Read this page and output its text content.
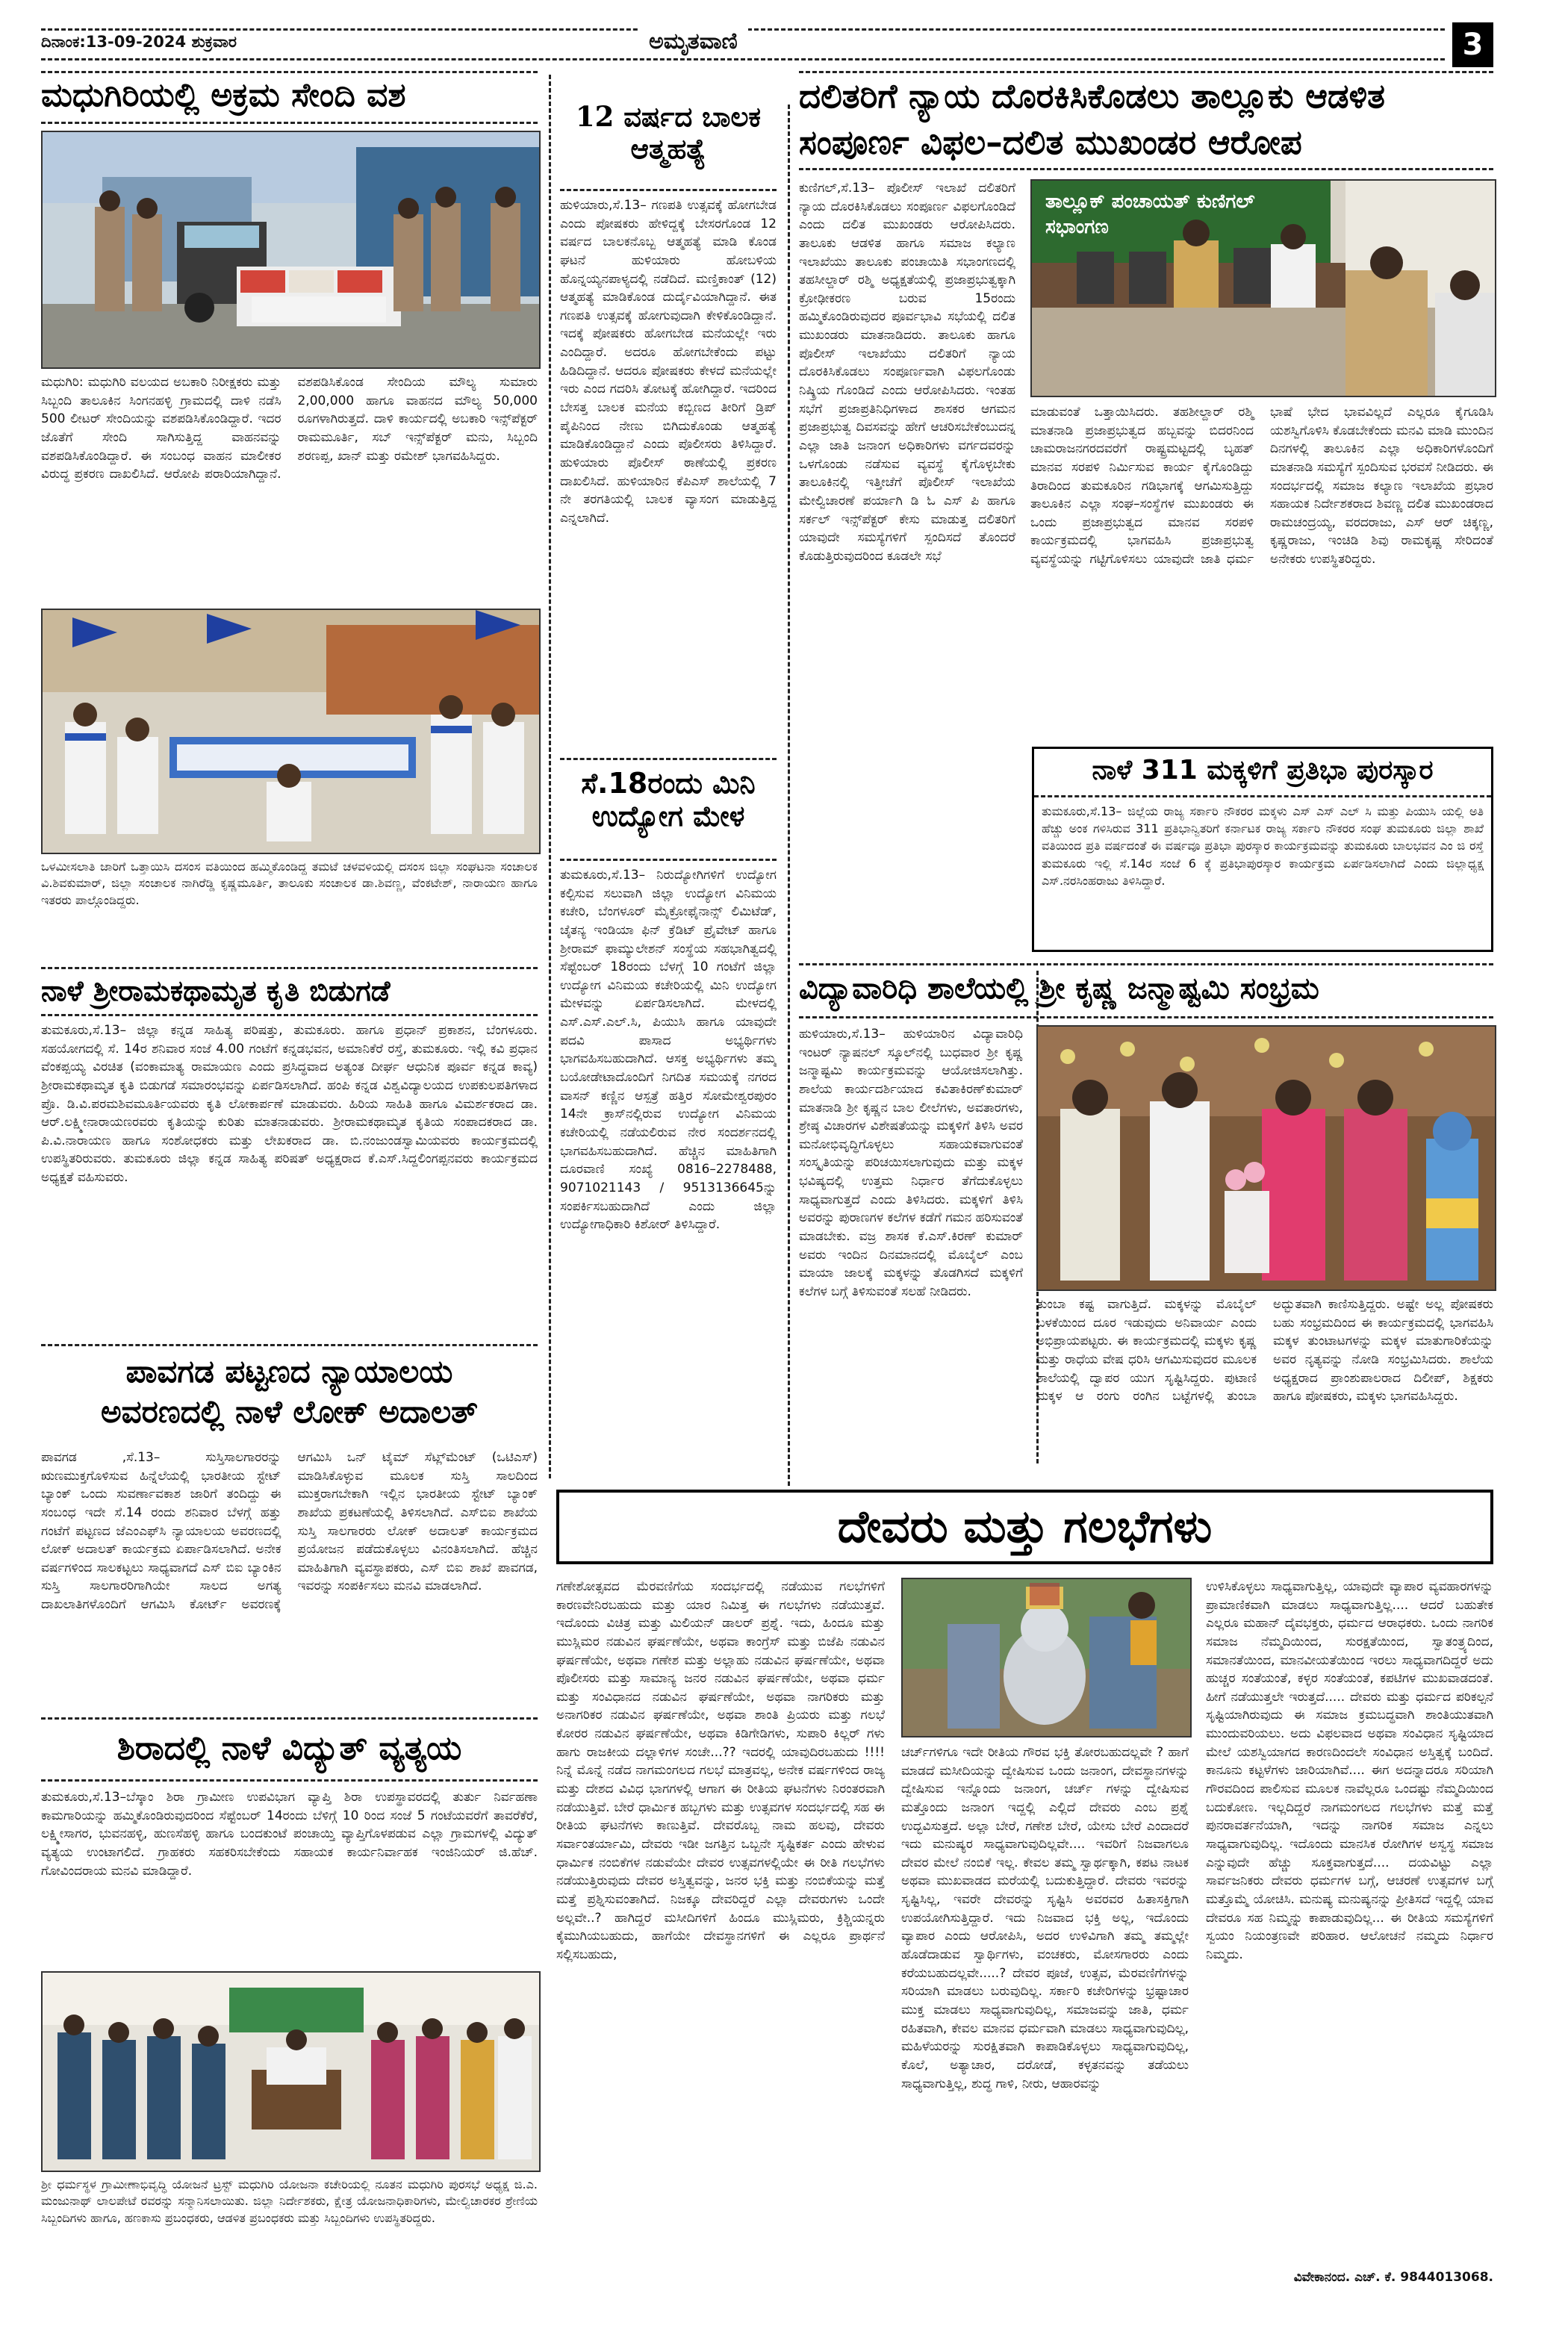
ದಿನಾಂಕ:13-09-2024 ಶುಕ್ರವಾರ	ಅಮೃತವಾಣಿ	3
ಮಧುಗಿರಿಯಲ್ಲಿ ಅಕ್ರಮ ಸೇಂದಿ ವಶ
ಮಧುಗಿರಿ: ಮಧುಗಿರಿ ವಲಯದ ಅಬಕಾರಿ ನಿರೀಕ್ಷಕರು ಮತ್ತು ಸಿಬ್ಬಂದಿ ತಾಲೂಕಿನ ಸಿಂಗನಹಳ್ಳಿ ಗ್ರಾಮದಲ್ಲಿ ದಾಳಿ ನಡೆಸಿ 500 ಲೀಟರ್ ಸೇಂದಿಯನ್ನು ವಶಪಡಿಸಿಕೊಂಡಿದ್ದಾರೆ. ಇದರ ಜೊತೆಗೆ ಸೇಂದಿ ಸಾಗಿಸುತ್ತಿದ್ದ ವಾಹನವನ್ನು ವಶಪಡಿಸಿಕೊಂಡಿದ್ದಾರೆ. ಈ ಸಂಬಂಧ ವಾಹನ ಮಾಲೀಕರ ವಿರುದ್ಧ ಪ್ರಕರಣ ದಾಖಲಿಸಿದೆ. ಆರೋಪಿ ಪರಾರಿಯಾಗಿದ್ದಾನೆ. ವಶಪಡಿಸಿಕೊಂಡ ಸೇಂದಿಯ ಮೌಲ್ಯ ಸುಮಾರು 2,00,000 ಹಾಗೂ ವಾಹನದ ಮೌಲ್ಯ 50,000 ರೂಗಳಾಗಿರುತ್ತದೆ. ದಾಳಿ ಕಾರ್ಯದಲ್ಲಿ ಅಬಕಾರಿ ಇನ್ಸ್‌ಪೆಕ್ಟರ್ ರಾಮಮೂರ್ತಿ, ಸಬ್ ಇನ್ಸ್‌ಪೆಕ್ಟರ್ ಮನು, ಸಿಬ್ಬಂದಿ ಶರಣಪ್ಪ, ಖಾನ್ ಮತ್ತು ರಮೇಶ್ ಭಾಗವಹಿಸಿದ್ದರು.
ಒಳಮೀಸಲಾತಿ ಜಾರಿಗೆ ಒತ್ತಾಯಿಸಿ ದಸಂಸ ವತಿಯಿಂದ ಹಮ್ಮಿಕೊಂಡಿದ್ದ ತಮಟೆ ಚಳವಳಿಯಲ್ಲಿ ದಸಂಸ ಜಿಲ್ಲಾ ಸಂಘಟನಾ ಸಂಚಾಲಕ ವಿ.ಶಿವಕುಮಾರ್, ಜಿಲ್ಲಾ ಸಂಚಾಲಕ ನಾಗಿರೆಡ್ಡಿ ಕೃಷ್ಣಮೂರ್ತಿ, ತಾಲೂಕು ಸಂಚಾಲಕ ಡಾ.ಶಿವಣ್ಣ, ವೆಂಕಟೇಶ್, ನಾರಾಯಣ ಹಾಗೂ ಇತರರು ಪಾಲ್ಗೊಂಡಿದ್ದರು.
ನಾಳೆ ಶ್ರೀರಾಮಕಥಾಮೃತ ಕೃತಿ ಬಿಡುಗಡೆ
ತುಮಕೂರು,ಸೆ.13– ಜಿಲ್ಲಾ ಕನ್ನಡ ಸಾಹಿತ್ಯ ಪರಿಷತ್ತು, ತುಮಕೂರು. ಹಾಗೂ ಪ್ರಧಾನ್ ಪ್ರಕಾಶನ, ಬೆಂಗಳೂರು. ಸಹಯೋಗದಲ್ಲಿ ಸೆ. 14ರ ಶನಿವಾರ ಸಂಜೆ 4.00 ಗಂಟೆಗೆ ಕನ್ನಡಭವನ, ಅಮಾನಿಕೆರೆ ರಸ್ತೆ, ತುಮಕೂರು. ಇಲ್ಲಿ ಕವಿ ಪ್ರಧಾನ ವೆಂಕಪ್ಪಯ್ಯ ವಿರಚಿತ (ವಂಕಾಮಾತ್ಯ ರಾಮಾಯಣ ಎಂದು ಪ್ರಸಿದ್ಧವಾದ ಅತ್ಯಂತ ದೀರ್ಘ ಆಧುನಿಕ ಪೂರ್ವ ಕನ್ನಡ ಕಾವ್ಯ) ಶ್ರೀರಾಮಕಥಾಮೃತ ಕೃತಿ ಬಿಡುಗಡೆ ಸಮಾರಂಭವನ್ನು ಏರ್ಪಡಿಸಲಾಗಿದೆ. ಹಂಪಿ ಕನ್ನಡ ವಿಶ್ವವಿದ್ಯಾಲಯದ ಉಪಕುಲಪತಿಗಳಾದ ಪ್ರೊ. ಡಿ.ವಿ.ಪರಮಶಿವಮೂರ್ತಿಯವರು ಕೃತಿ ಲೋಕಾರ್ಪಣೆ ಮಾಡುವರು. ಹಿರಿಯ ಸಾಹಿತಿ ಹಾಗೂ ವಿಮರ್ಶಕರಾದ ಡಾ. ಆರ್.ಲಕ್ಷ್ಮೀನಾರಾಯಣರವರು ಕೃತಿಯನ್ನು ಕುರಿತು ಮಾತನಾಡುವರು. ಶ್ರೀರಾಮಕಥಾಮೃತ ಕೃತಿಯ ಸಂಪಾದಕರಾದ ಡಾ. ಪಿ.ವಿ.ನಾರಾಯಣ ಹಾಗೂ ಸಂಶೋಧಕರು ಮತ್ತು ಲೇಖಕರಾದ ಡಾ. ಬಿ.ನಂಜುಂಡಸ್ವಾಮಿಯವರು ಕಾರ್ಯಕ್ರಮದಲ್ಲಿ ಉಪಸ್ಥಿತರಿರುವರು. ತುಮಕೂರು ಜಿಲ್ಲಾ ಕನ್ನಡ ಸಾಹಿತ್ಯ ಪರಿಷತ್ ಅಧ್ಯಕ್ಷರಾದ ಕೆ.ಎಸ್.ಸಿದ್ದಲಿಂಗಪ್ಪನವರು ಕಾರ್ಯಕ್ರಮದ ಅಧ್ಯಕ್ಷತೆ ವಹಿಸುವರು.
ಪಾವಗಡ ಪಟ್ಟಣದ ನ್ಯಾಯಾಲಯ
ಅವರಣದಲ್ಲಿ ನಾಳೆ ಲೋಕ್ ಅದಾಲತ್
ಪಾವಗಡ ,ಸೆ.13– ಸುಸ್ತಿಸಾಲಗಾರರನ್ನು ಋಣಮುಕ್ತಗೊಳಿಸುವ ಹಿನ್ನೆಲೆಯಲ್ಲಿ ಭಾರತೀಯ ಸ್ಟೇಟ್ ಬ್ಯಾಂಕ್ ಒಂದು ಸುವರ್ಣಾವಕಾಶ ಜಾರಿಗೆ ತಂದಿದ್ದು ಈ ಸಂಬಂಧ ಇದೇ ಸೆ.14 ರಂದು ಶನಿವಾರ ಬೆಳಗ್ಗೆ ಹತ್ತು ಗಂಟೆಗೆ ಪಟ್ಟಣದ ಜೆಎಂಎಫ್‌ಸಿ ನ್ಯಾಯಾಲಯ ಅವರಣದಲ್ಲಿ ಲೋಕ್ ಅದಾಲತ್ ಕಾರ್ಯಕ್ರಮ ಏರ್ಪಾಡಿಸಲಾಗಿದೆ. ಅನೇಕ ವರ್ಷಗಳಿಂದ ಸಾಲಕಟ್ಟಲು ಸಾಧ್ಯವಾಗದೆ ಎಸ್ ಬಿಐ ಬ್ಯಾಂಕಿನ ಸುಸ್ತಿ ಸಾಲಗಾರರಿಗಾಗಿಯೇ ಸಾಲದ ಅಗತ್ಯ ದಾಖಲಾತಿಗಳೊಂದಿಗೆ ಆಗಮಿಸಿ ಕೋರ್ಟ್ ಅವರಣಕ್ಕೆ ಆಗಮಿಸಿ ಒನ್ ಟೈಮ್ ಸೆಟ್ಲ್‌ಮೆಂಟ್ (ಒಟಿಎಸ್) ಮಾಡಿಸಿಕೊಳ್ಳುವ ಮೂಲಕ ಸುಸ್ತಿ ಸಾಲದಿಂದ ಮುಕ್ತರಾಗಬೇಕಾಗಿ ಇಲ್ಲಿನ ಭಾರತೀಯ ಸ್ಟೇಟ್ ಬ್ಯಾಂಕ್ ಶಾಖೆಯ ಪ್ರಕಟಣೆಯಲ್ಲಿ ತಿಳಿಸಲಾಗಿದೆ. ಎಸ್‌ಬಿಐ ಶಾಖೆಯ ಸುಸ್ತಿ ಸಾಲಗಾರರು ಲೋಕ್ ಅದಾಲತ್ ಕಾರ್ಯಕ್ರಮದ ಪ್ರಯೋಜನ ಪಡೆದುಕೊಳ್ಳಲು ವಿನಂತಿಸಲಾಗಿದೆ. ಹೆಚ್ಚಿನ ಮಾಹಿತಿಗಾಗಿ ವ್ಯವಸ್ಥಾಪಕರು, ಎಸ್ ಬಿಐ ಶಾಖೆ ಪಾವಗಡ, ಇವರನ್ನು ಸಂಪರ್ಕಿಸಲು ಮನವಿ ಮಾಡಲಾಗಿದೆ.
ಶಿರಾದಲ್ಲಿ ನಾಳೆ ವಿದ್ಯುತ್ ವ್ಯತ್ಯಯ
ತುಮಕೂರು,ಸೆ.13–ಬೆಸ್ಕಾಂ ಶಿರಾ ಗ್ರಾಮೀಣ ಉಪವಿಭಾಗ ವ್ಯಾಪ್ತಿ ಶಿರಾ ಉಪಸ್ಥಾವರದಲ್ಲಿ ತುರ್ತು ನಿರ್ವಹಣಾ ಕಾಮಗಾರಿಯನ್ನು ಹಮ್ಮಿಕೊಂಡಿರುವುದರಿಂದ ಸೆಪ್ಟೆಂಬರ್ 14ರಂದು ಬೆಳಿಗ್ಗೆ 10 ರಿಂದ ಸಂಜೆ 5 ಗಂಟೆಯವರೆಗೆ ತಾವರೆಕೆರೆ, ಲಕ್ಷ್ಮೀಸಾಗರ, ಭುವನಹಳ್ಳಿ, ಹುಣಸೆಹಳ್ಳಿ ಹಾಗೂ ಬಂದಕುಂಟೆ ಪಂಚಾಯ್ತಿ ವ್ಯಾಪ್ತಿಗೊಳಪಡುವ ಎಲ್ಲಾ ಗ್ರಾಮಗಳಲ್ಲಿ ವಿದ್ಯುತ್ ವ್ಯತ್ಯಯ ಉಂಟಾಗಲಿದೆ. ಗ್ರಾಹಕರು ಸಹಕರಿಸಬೇಕೆಂದು ಸಹಾಯಕ ಕಾರ್ಯನಿರ್ವಾಹಕ ಇಂಜಿನಿಯರ್ ಜಿ.ಹೆಚ್. ಗೋವಿಂದರಾಯ ಮನವಿ ಮಾಡಿದ್ದಾರೆ.
ಶ್ರೀ ಧರ್ಮಸ್ಥಳ ಗ್ರಾಮೀಣಾಭಿವೃದ್ಧಿ ಯೋಜನೆ ಟ್ರಸ್ಟ್ ಮಧುಗಿರಿ ಯೋಜನಾ ಕಚೇರಿಯಲ್ಲಿ ನೂತನ ಮಧುಗಿರಿ ಪುರಸಭೆ ಅಧ್ಯಕ್ಷ ಜಿ.ಎ. ಮಂಜುನಾಥ್ ಲಾಲಪೇಟೆ ರವರನ್ನು ಸನ್ಮಾನಿಸಲಾಯಿತು. ಜಿಲ್ಲಾ ನಿರ್ದೇಶಕರು, ಕ್ಷೇತ್ರ ಯೋಜನಾಧಿಕಾರಿಗಳು, ಮೇಲ್ವಿಚಾರಕರ ಶ್ರೇಣಿಯ ಸಿಬ್ಬಂದಿಗಳು ಹಾಗೂ, ಹಣಕಾಸು ಪ್ರಬಂಧಕರು, ಆಡಳಿತ ಪ್ರಬಂಧಕರು ಮತ್ತು ಸಿಬ್ಬಂದಿಗಳು ಉಪಸ್ಥಿತರಿದ್ದರು.
12 ವರ್ಷದ ಬಾಲಕ ಆತ್ಮಹತ್ಯೆ
ಹುಳಿಯಾರು,ಸೆ.13– ಗಣಪತಿ ಉತ್ಸವಕ್ಕೆ ಹೋಗಬೇಡ ಎಂದು ಪೋಷಕರು ಹೇಳಿದ್ದಕ್ಕೆ ಬೇಸರಗೊಂಡ 12 ವರ್ಷದ ಬಾಲಕನೊಬ್ಬ ಆತ್ಮಹತ್ಯೆ ಮಾಡಿ ಕೊಂಡ ಘಟನೆ ಹುಳಿಯಾರು ಹೋಬಳಿಯ ಹೊನ್ನಯ್ಯನಪಾಳ್ಯದಲ್ಲಿ ನಡೆದಿದೆ. ಮಣ್ತಿಕಾಂತ್ (12) ಆತ್ಮಹತ್ಯೆ ಮಾಡಿಕೊಂಡ ದುರ್ದೈವಿಯಾಗಿದ್ದಾನೆ. ಈತ ಗಣಪತಿ ಉತ್ಸವಕ್ಕೆ ಹೋಗುವುದಾಗಿ ಕೇಳಿಕೊಂಡಿದ್ದಾನೆ. ಇದಕ್ಕೆ ಪೋಷಕರು ಹೋಗಬೇಡ ಮನೆಯಲ್ಲೇ ಇರು ಎಂದಿದ್ದಾರೆ. ಅದರೂ ಹೋಗಬೇಕೆಂದು ಪಟ್ಟು ಹಿಡಿದಿದ್ದಾನೆ. ಆದರೂ ಪೋಷಕರು ಕೇಳದೆ ಮನೆಯಲ್ಲೇ ಇರು ಎಂದ ಗದರಿಸಿ ತೋಟಕ್ಕೆ ಹೋಗಿದ್ದಾರೆ. ಇದರಿಂದ ಬೇಸತ್ತ ಬಾಲಕ ಮನೆಯ ಕಬ್ಬಿಣದ ತೀರಿಗೆ ಡ್ರಿಪ್ ಪೈಪಿನಿಂದ ನೇಣು ಬಿಗಿದುಕೊಂಡು ಆತ್ಮಹತ್ಯೆ ಮಾಡಿಕೊಂಡಿದ್ದಾನೆ ಎಂದು ಪೊಲೀಸರು ತಿಳಿಸಿದ್ದಾರೆ. ಹುಳಿಯಾರು ಪೊಲೀಸ್ ಠಾಣೆಯಲ್ಲಿ ಪ್ರಕರಣ ದಾಖಲಿಸಿದೆ. ಹುಳಿಯಾರಿನ ಕೆಪಿಎಸ್ ಶಾಲೆಯಲ್ಲಿ 7 ನೇ ತರಗತಿಯಲ್ಲಿ ಬಾಲಕ ವ್ಯಾಸಂಗ ಮಾಡುತ್ತಿದ್ದ ಎನ್ನಲಾಗಿದೆ.
ಸೆ.18ರಂದು ಮಿನಿ ಉದ್ಯೋಗ ಮೇಳ
ತುಮಕೂರು,ಸೆ.13– ನಿರುದ್ಯೋಗಿಗಳಿಗೆ ಉದ್ಯೋಗ ಕಲ್ಪಿಸುವ ಸಲುವಾಗಿ ಜಿಲ್ಲಾ ಉದ್ಯೋಗ ವಿನಿಮಯ ಕಚೇರಿ, ಬೆಂಗಳೂರ್ ಮೈಕ್ರೋಫೈನಾನ್ಸ್ ಲಿಮಿಟೆಡ್, ಚೈತನ್ಯ ಇಂಡಿಯಾ ಫಿನ್ ಕ್ರೆಡಿಟ್ ಪ್ರೈವೇಟ್ ಹಾಗೂ ಶ್ರೀರಾಮ್ ಫಾಮ್ಯುಲೇಶನ್ ಸಂಸ್ಥೆಯ ಸಹಭಾಗಿತ್ವದಲ್ಲಿ ಸೆಪ್ಟೆಂಬರ್ 18ರಂದು ಬೆಳಗ್ಗೆ 10 ಗಂಟೆಗೆ ಜಿಲ್ಲಾ ಉದ್ಯೋಗ ವಿನಿಮಯ ಕಚೇರಿಯಲ್ಲಿ ಮಿನಿ ಉದ್ಯೋಗ ಮೇಳವನ್ನು ಏರ್ಪಡಿಸಲಾಗಿದೆ. ಮೇಳದಲ್ಲಿ ಎಸ್.ಎಸ್.ಎಲ್.ಸಿ, ಪಿಯುಸಿ ಹಾಗೂ ಯಾವುದೇ ಪದವಿ ಪಾಸಾದ ಅಭ್ಯರ್ಥಿಗಳು ಭಾಗವಹಿಸಬಹುದಾಗಿದೆ. ಆಸಕ್ತ ಅಭ್ಯರ್ಥಿಗಳು ತಮ್ಮ ಬಯೋಡೇಟಾದೊಂದಿಗೆ ನಿಗದಿತ ಸಮಯಕ್ಕೆ ನಗರದ ವಾಸನ್ ಕಣ್ಣಿನ ಆಸ್ಪತ್ರೆ ಹತ್ತಿರ ಸೋಮೇಶ್ವರಪುರಂ 14ನೇ ಕ್ರಾಸ್‌ನಲ್ಲಿರುವ ಉದ್ಯೋಗ ವಿನಿಮಯ ಕಚೇರಿಯಲ್ಲಿ ನಡೆಯಲಿರುವ ನೇರ ಸಂದರ್ಶನದಲ್ಲಿ ಭಾಗವಹಿಸಬಹುದಾಗಿದೆ. ಹೆಚ್ಚಿನ ಮಾಹಿತಿಗಾಗಿ ದೂರವಾಣಿ ಸಂಖ್ಯೆ 0816–2278488, 9071021143 / 9513136645ನ್ನು ಸಂಪರ್ಕಿಸಬಹುದಾಗಿದೆ ಎಂದು ಜಿಲ್ಲಾ ಉದ್ಯೋಗಾಧಿಕಾರಿ ಕಿಶೋರ್ ತಿಳಿಸಿದ್ದಾರೆ.
ದಲಿತರಿಗೆ ನ್ಯಾಯ ದೊರಕಿಸಿಕೊಡಲು ತಾಲ್ಲೂಕು ಆಡಳಿತ
ಸಂಪೂರ್ಣ ವಿಫಲ–ದಲಿತ ಮುಖಂಡರ ಆರೋಪ
ಕುಣಿಗಲ್,ಸೆ.13– ಪೊಲೀಸ್ ಇಲಾಖೆ ದಲಿತರಿಗೆ ನ್ಯಾಯ ದೊರಕಿಸಿಕೊಡಲು ಸಂಪೂರ್ಣ ವಿಫಲಗೊಂಡಿದೆ ಎಂದು ದಲಿತ ಮುಖಂಡರು ಆರೋಪಿಸಿದರು. ತಾಲೂಕು ಆಡಳಿತ ಹಾಗೂ ಸಮಾಜ ಕಲ್ಯಾಣ ಇಲಾಖೆಯು ತಾಲೂಕು ಪಂಚಾಯಿತಿ ಸಭಾಂಗಣದಲ್ಲಿ ತಹಸೀಲ್ದಾರ್ ರಶ್ಮಿ ಅಧ್ಯಕ್ಷತೆಯಲ್ಲಿ ಪ್ರಜಾಪ್ರಭುತ್ವಕ್ಕಾಗಿ ಕ್ರೋಢೀಕರಣ ಬರುವ 15ರಂದು ಹಮ್ಮಿಕೊಂಡಿರುವುದರ ಪೂರ್ವಭಾವಿ ಸಭೆಯಲ್ಲಿ ದಲಿತ ಮುಖಂಡರು ಮಾತನಾಡಿದರು. ತಾಲೂಕು ಹಾಗೂ ಪೊಲೀಸ್ ಇಲಾಖೆಯು ದಲಿತರಿಗೆ ನ್ಯಾಯ ದೊರಕಿಸಿಕೊಡಲು ಸಂಪೂರ್ಣವಾಗಿ ವಿಫಲಗೊಂಡು ನಿಷ್ಕ್ರಿಯ ಗೊಂಡಿದೆ ಎಂದು ಆರೋಪಿಸಿದರು. ಇಂತಹ ಸಭೆಗೆ ಪ್ರಜಾಪ್ರತಿನಿಧಿಗಳಾದ ಶಾಸಕರ ಆಗಮನ ಪ್ರಜಾಪ್ರಭುತ್ವ ದಿವಸವನ್ನು ಹೇಗೆ ಆಚರಿಸಬೇಕೆಂಬುದನ್ನ ಎಲ್ಲಾ ಜಾತಿ ಜನಾಂಗ ಅಧಿಕಾರಿಗಳು ವರ್ಗದವರನ್ನು ಒಳಗೊಂಡು ನಡೆಸುವ ವ್ಯವಸ್ಥೆ ಕೈಗೊಳ್ಳಬೇಕು ತಾಲೂಕಿನಲ್ಲಿ ಇತ್ತೀಚೆಗೆ ಪೊಲೀಸ್ ಇಲಾಖೆಯ ಮೇಲ್ವಿಚಾರಣೆ ಪರ್ಯಾಗಿ ಡಿ ಓ ಎಸ್ ಪಿ ಹಾಗೂ ಸರ್ಕಲ್ ಇನ್ಸ್‌ಪೆಕ್ಟರ್ ಕೇಸು ಮಾಡುತ್ತ ದಲಿತರಿಗೆ ಯಾವುದೇ ಸಮಸ್ಯೆಗಳಿಗೆ ಸ್ಪಂದಿಸದೆ ತೊಂದರೆ ಕೊಡುತ್ತಿರುವುದರಿಂದ ಕೂಡಲೇ ಸಭೆ
ತಾಲ್ಲೂಕ್ ಪಂಚಾಯತ್ ಕುಣಿಗಲ್ ಸಭಾಂಗಣ
ಮಾಡುವಂತೆ ಒತ್ತಾಯಿಸಿದರು. ತಹಶೀಲ್ದಾರ್ ರಶ್ಮಿ ಮಾತನಾಡಿ ಪ್ರಜಾಪ್ರಭುತ್ವದ ಹಬ್ಬವನ್ನು ಬಿದರನಿಂದ ಚಾಮರಾಜನಗರದವರೆಗೆ ರಾಷ್ಟ್ರಮಟ್ಟದಲ್ಲಿ ಬೃಹತ್ ಮಾನವ ಸರಪಳಿ ನಿರ್ಮಿಸುವ ಕಾರ್ಯ ಕೈಗೊಂಡಿದ್ದು ತಿರಾದಿಂದ ತುಮಕೂರಿನ ಗಡಿಭಾಗಕ್ಕೆ ಆಗಮಿಸುತ್ತಿದ್ದು ತಾಲೂಕಿನ ಎಲ್ಲಾ ಸಂಘ–ಸಂಸ್ಥೆಗಳ ಮುಖಂಡರು ಈ ಒಂದು ಪ್ರಜಾಪ್ರಭುತ್ವದ ಮಾನವ ಸರಪಳಿ ಕಾರ್ಯಕ್ರಮದಲ್ಲಿ ಭಾಗವಹಿಸಿ ಪ್ರಜಾಪ್ರಭುತ್ವ ವ್ಯವಸ್ಥೆಯನ್ನು ಗಟ್ಟಿಗೊಳಿಸಲು ಯಾವುದೇ ಜಾತಿ ಧರ್ಮ ಭಾಷೆ ಭೇದ ಭಾವವಿಲ್ಲದೆ ಎಲ್ಲರೂ ಕೈಗೂಡಿಸಿ ಯಶಸ್ವಿಗೊಳಿಸಿ ಕೊಡಬೇಕೆಂದು ಮನವಿ ಮಾಡಿ ಮುಂದಿನ ದಿನಗಳಲ್ಲಿ ತಾಲೂಕಿನ ಎಲ್ಲಾ ಅಧಿಕಾರಿಗಳೊಂದಿಗೆ ಮಾತನಾಡಿ ಸಮಸ್ಯೆಗೆ ಸ್ಪಂದಿಸುವ ಭರವಸೆ ನೀಡಿದರು. ಈ ಸಂದರ್ಭದಲ್ಲಿ ಸಮಾಜ ಕಲ್ಯಾಣ ಇಲಾಖೆಯ ಪ್ರಭಾರ ಸಹಾಯಕ ನಿರ್ದೇಶಕರಾದ ಶಿವಣ್ಣ ದಲಿತ ಮುಖಂಡರಾದ ರಾಮಚಂದ್ರಯ್ಯ, ವರದರಾಜು, ಎಸ್ ಆರ್ ಚಿಕ್ಕಣ್ಣ, ಕೃಷ್ಣರಾಜು, ಇಂಚಿಡಿ ಶಿವು ರಾಮಕೃಷ್ಣ ಸೇರಿದಂತೆ ಅನೇಕರು ಉಪಸ್ಥಿತರಿದ್ದರು.
ನಾಳೆ 311 ಮಕ್ಕಳಿಗೆ ಪ್ರತಿಭಾ ಪುರಸ್ಕಾರ
ತುಮಕೂರು,ಸೆ.13– ಜಿಲ್ಲೆಯ ರಾಜ್ಯ ಸರ್ಕಾರಿ ನೌಕರರ ಮಕ್ಕಳು ಎಸ್ ಎಸ್ ಎಲ್ ಸಿ ಮತ್ತು ಪಿಯುಸಿ ಯಲ್ಲಿ ಅತಿ ಹೆಚ್ಚು ಅಂಕ ಗಳಿಸಿರುವ 311 ಪ್ರತಿಭಾನ್ವಿತರಿಗೆ ಕರ್ನಾಟಕ ರಾಜ್ಯ ಸರ್ಕಾರಿ ನೌಕರರ ಸಂಘ ತುಮಕೂರು ಜಿಲ್ಲಾ ಶಾಖೆ ವತಿಯಿಂದ ಪ್ರತಿ ವರ್ಷದಂತೆ ಈ ವರ್ಷವೂ ಪ್ರತಿಭಾ ಪುರಸ್ಕಾರ ಕಾರ್ಯಕ್ರಮವನ್ನು ತುಮಕೂರು ಬಾಲಭವನ ಎಂ ಜಿ ರಸ್ತೆ ತುಮಕೂರು ಇಲ್ಲಿ ಸೆ.14ರ ಸಂಜೆ 6 ಕ್ಕೆ ಪ್ರತಿಭಾಪುರಸ್ಕಾರ ಕಾರ್ಯಕ್ರಮ ಏರ್ಪಡಿಸಲಾಗಿದೆ ಎಂದು ಜಿಲ್ಲಾಧ್ಯಕ್ಷ ಎಸ್.ನರಸಿಂಹರಾಜು ತಿಳಿಸಿದ್ದಾರೆ.
ವಿದ್ಯಾವಾರಿಧಿ ಶಾಲೆಯಲ್ಲಿ ಶ್ರೀ ಕೃಷ್ಣ ಜನ್ಮಾಷ್ಟಮಿ ಸಂಭ್ರಮ
ಹುಳಿಯಾರು,ಸೆ.13– ಹುಳಿಯಾರಿನ ವಿದ್ಯಾವಾರಿಧಿ ಇಂಟರ್ ನ್ಯಾಷನಲ್ ಸ್ಕೂಲ್‌ನಲ್ಲಿ ಬುಧವಾರ ಶ್ರೀ ಕೃಷ್ಣ ಜನ್ಮಾಷ್ಟಮಿ ಕಾರ್ಯಕ್ರಮವನ್ನು ಆಯೋಜಿಸಲಾಗಿತ್ತು. ಶಾಲೆಯ ಕಾರ್ಯದರ್ಶಿಯಾದ ಕವಿತಾಕಿರಣ್‌ಕುಮಾರ್ ಮಾತನಾಡಿ ಶ್ರೀ ಕೃಷ್ಣನ ಬಾಲ ಲೀಲೆಗಳು, ಅವತಾರಗಳು, ಶ್ರೇಷ್ಠ ವಿಚಾರಗಳ ವಿಶೇಷತೆಯನ್ನು ಮಕ್ಕಳಿಗೆ ತಿಳಿಸಿ ಅವರ ಮನೋಭಿವೃದ್ಧಿಗೊಳ್ಳಲು ಸಹಾಯಕವಾಗುವಂತೆ ಸಂಸ್ಕೃತಿಯನ್ನು ಪರಿಚಯಿಸಲಾಗುವುದು ಮತ್ತು ಮಕ್ಕಳ ಭವಿಷ್ಯದಲ್ಲಿ ಉತ್ತಮ ನಿರ್ಧಾರ ತೆಗೆದುಕೊಳ್ಳಲು ಸಾಧ್ಯವಾಗುತ್ತದೆ ಎಂದು ತಿಳಿಸಿದರು. ಮಕ್ಕಳಿಗೆ ತಿಳಿಸಿ ಅವರನ್ನು ಪುರಾಣಗಳ ಕಲೆಗಳ ಕಡೆಗೆ ಗಮನ ಹರಿಸುವಂತೆ ಮಾಡಬೇಕು. ವಜ್ರ ಶಾಸಕ ಕೆ.ಎಸ್.ಕಿರಣ್ ಕುಮಾರ್ ಅವರು ಇಂದಿನ ದಿನಮಾನದಲ್ಲಿ ಮೊಬೈಲ್ ಎಂಬ ಮಾಯಾ ಜಾಲಕ್ಕೆ ಮಕ್ಕಳನ್ನು ತೊಡಗಿಸದೆ ಮಕ್ಕಳಿಗೆ ಕಲೆಗಳ ಬಗ್ಗೆ ತಿಳಿಸುವಂತೆ ಸಲಹೆ ನೀಡಿದರು.
ತುಂಬಾ ಕಷ್ಟ ವಾಗುತ್ತಿದೆ. ಮಕ್ಕಳನ್ನು ಮೊಬೈಲ್ ಬಳಕೆಯಿಂದ ದೂರ ಇಡುವುದು ಅನಿವಾರ್ಯ ಎಂದು ಅಭಿಪ್ರಾಯಪಟ್ಟರು. ಈ ಕಾರ್ಯಕ್ರಮದಲ್ಲಿ ಮಕ್ಕಳು ಕೃಷ್ಣ ಮತ್ತು ರಾಧೆಯ ವೇಷ ಧರಿಸಿ ಆಗಮಿಸುವುದರ ಮೂಲಕ ಶಾಲೆಯಲ್ಲಿ ದ್ವಾಪರ ಯುಗ ಸೃಷ್ಟಿಸಿದ್ದರು. ಪುಟಾಣಿ ಮಕ್ಕಳ ಆ ರಂಗು ರಂಗಿನ ಬಟ್ಟೆಗಳಲ್ಲಿ ತುಂಬಾ ಅದ್ಭುತವಾಗಿ ಕಾಣಿಸುತ್ತಿದ್ದರು. ಅಷ್ಟೇ ಅಲ್ಲ ಪೋಷಕರು ಬಹು ಸಂಭ್ರಮದಿಂದ ಈ ಕಾರ್ಯಕ್ರಮದಲ್ಲಿ ಭಾಗವಹಿಸಿ ಮಕ್ಕಳ ತುಂಟಾಟಗಳನ್ನು ಮಕ್ಕಳ ಮಾತುಗಾರಿಕೆಯನ್ನು ಅವರ ನೃತ್ಯವನ್ನು ನೋಡಿ ಸಂಭ್ರಮಿಸಿದರು. ಶಾಲೆಯ ಅಧ್ಯಕ್ಷರಾದ ಪ್ರಾಂಶುಪಾಲರಾದ ದಿಲೀಪ್, ಶಿಕ್ಷಕರು ಹಾಗೂ ಪೋಷಕರು, ಮಕ್ಕಳು ಭಾಗವಹಿಸಿದ್ದರು.
ದೇವರು ಮತ್ತು ಗಲಭೆಗಳು
ಗಣೇಶೋತ್ಸವದ ಮೆರವಣಿಗೆಯ ಸಂದರ್ಭದಲ್ಲಿ ನಡೆಯುವ ಗಲಭೆಗಳಿಗೆ ಕಾರಣವೇನಿರಬಹುದು ಮತ್ತು ಯಾರ ನಿಮಿತ್ತ ಈ ಗಲಭೆಗಳು ನಡೆಯುತ್ತವೆ. ಇದೊಂದು ವಿಚಿತ್ರ ಮತ್ತು ಮಿಲಿಯನ್ ಡಾಲರ್ ಪ್ರಶ್ನೆ. ಇದು, ಹಿಂದೂ ಮತ್ತು ಮುಸ್ಲಿಮರ ನಡುವಿನ ಘರ್ಷಣೆಯೇ, ಅಥವಾ ಕಾಂಗ್ರೆಸ್ ಮತ್ತು ಬಿಜೆಪಿ ನಡುವಿನ ಘರ್ಷಣೆಯೇ, ಅಥವಾ ಗಣೇಶ ಮತ್ತು ಅಲ್ಲಾಹು ನಡುವಿನ ಘರ್ಷಣೆಯೇ, ಅಥವಾ ಪೊಲೀಸರು ಮತ್ತು ಸಾಮಾನ್ಯ ಜನರ ನಡುವಿನ ಘರ್ಷಣೆಯೇ, ಅಥವಾ ಧರ್ಮ ಮತ್ತು ಸಂವಿಧಾನದ ನಡುವಿನ ಘರ್ಷಣೆಯೇ, ಅಥವಾ ನಾಗರಿಕರು ಮತ್ತು ಅನಾಗರಿಕರ ನಡುವಿನ ಘರ್ಷಣೆಯೇ, ಅಥವಾ ಶಾಂತಿ ಪ್ರಿಯರು ಮತ್ತು ಗಲಭೆ ಕೋರರ ನಡುವಿನ ಘರ್ಷಣೆಯೇ, ಅಥವಾ ಕಿಡಿಗೇಡಿಗಳು, ಸುಪಾರಿ ಕಿಲ್ಲರ್ ಗಳು ಹಾಗು ರಾಜಕೀಯ ದಲ್ಲಾಳಿಗಳ ಸಂಚೇ...?? ಇದರಲ್ಲಿ ಯಾವುದಿರಬಹುದು !!!! ನಿನ್ನೆ ಮೊನ್ನೆ ನಡೆದ ನಾಗಮಂಗಲದ ಗಲಭೆ ಮಾತ್ರವಲ್ಲ, ಅನೇಕ ವರ್ಷಗಳಿಂದ ರಾಜ್ಯ ಮತ್ತು ದೇಶದ ವಿವಿಧ ಭಾಗಗಳಲ್ಲಿ ಆಗಾಗ ಈ ರೀತಿಯ ಘಟನೆಗಳು ನಿರಂತರವಾಗಿ ನಡೆಯುತ್ತಿವೆ. ಬೇರೆ ಧಾರ್ಮಿಕ ಹಬ್ಬಗಳು ಮತ್ತು ಉತ್ಸವಗಳ ಸಂದರ್ಭದಲ್ಲಿ ಸಹ ಈ ರೀತಿಯ ಘಟನೆಗಳು ಕಾಣುತ್ತಿವೆ. ದೇವರೊಬ್ಬ ನಾಮ ಹಲವು, ದೇವರು ಸರ್ವಾಂತರ್ಯಾಮಿ, ದೇವರು ಇಡೀ ಜಗತ್ತಿನ ಒಬ್ಬನೇ ಸೃಷ್ಟಿಕರ್ತ ಎಂದು ಹೇಳುವ ಧಾರ್ಮಿಕ ನಂಬಿಕೆಗಳ ನಡುವೆಯೇ ದೇವರ ಉತ್ಸವಗಳಲ್ಲಿಯೇ ಈ ರೀತಿ ಗಲಭೆಗಳು ನಡೆಯುತ್ತಿರುವುದು ದೇವರ ಅಸ್ತಿತ್ವವನ್ನು, ಜನರ ಭಕ್ತಿ ಮತ್ತು ನಂಬಿಕೆಯನ್ನು ಮತ್ತೆ ಮತ್ತೆ ಪ್ರಶ್ನಿಸುವಂತಾಗಿದೆ. ನಿಜಕ್ಕೂ ದೇವರಿದ್ದರೆ ಎಲ್ಲಾ ದೇವರುಗಳು ಒಂದೇ ಅಲ್ಲವೇ..? ಹಾಗಿದ್ದರೆ ಮಸೀದಿಗಳಿಗೆ ಹಿಂದೂ ಮುಸ್ಲಿಮರು, ಕ್ರಿಶ್ಚಿಯನ್ನರು ಕೈಮುಗಿಯಬಹುದು, ಹಾಗೆಯೇ ದೇವಸ್ಥಾನಗಳಿಗೆ ಈ ಎಲ್ಲರೂ ಪ್ರಾರ್ಥನೆ ಸಲ್ಲಿಸಬಹುದು,
ಚರ್ಚ್‌ಗಳಿಗೂ ಇದೇ ರೀತಿಯ ಗೌರವ ಭಕ್ತಿ ತೋರಬಹುದಲ್ಲವೇ ? ಹಾಗೆ ಮಾಡದೆ ಮಸೀದಿಯನ್ನು ದ್ವೇಷಿಸುವ ಒಂದು ಜನಾಂಗ, ದೇವಸ್ಥಾನಗಳನ್ನು ದ್ವೇಷಿಸುವ ಇನ್ನೊಂದು ಜನಾಂಗ, ಚರ್ಚ್ ಗಳನ್ನು ದ್ವೇಷಿಸುವ ಮತ್ತೊಂದು ಜನಾಂಗ ಇದ್ದಲ್ಲಿ ಎಲ್ಲಿದೆ ದೇವರು ಎಂಬ ಪ್ರಶ್ನೆ ಉದ್ಭವಿಸುತ್ತದೆ. ಅಲ್ಲಾ ಬೇರೆ, ಗಣೇಶ ಬೇರೆ, ಯೇಸು ಬೇರೆ ಎಂದಾದರೆ ಇದು ಮನುಷ್ಯರ ಸಾಧ್ಯವಾಗುವುದಿಲ್ಲವೇ.... ಇವರಿಗೆ ನಿಜವಾಗಲೂ ದೇವರ ಮೇಲೆ ನಂಬಿಕೆ ಇಲ್ಲ. ಕೇವಲ ತಮ್ಮ ಸ್ವಾರ್ಥಕ್ಕಾಗಿ, ಕಪಟ ನಾಟಕ ಅಥವಾ ಮುಖವಾಡದ ಮರೆಯಲ್ಲಿ ಬದುಕುತ್ತಿದ್ದಾರೆ. ದೇವರು ಇವರನ್ನು ಸೃಷ್ಟಿಸಿಲ್ಲ, ಇವರೇ ದೇವರನ್ನು ಸೃಷ್ಟಿಸಿ ಅವರವರ ಹಿತಾಸಕ್ತಿಗಾಗಿ ಉಪಯೋಗಿಸುತ್ತಿದ್ದಾರೆ. ಇದು ನಿಜವಾದ ಭಕ್ತಿ ಅಲ್ಲ, ಇದೊಂದು ವ್ಯಾಪಾರ ಎಂದು ಆರೋಪಿಸಿ, ಅದರ ಉಳಿವಿಗಾಗಿ ತಮ್ಮ ತಮ್ಮಲ್ಲೇ ಹೊಡೆದಾಡುವ ಸ್ವಾರ್ಥಿಗಳು, ವಂಚಕರು, ಮೋಸಗಾರರು ಎಂದು ಕರೆಯಬಹುದಲ್ಲವೇ.....? ದೇವರ ಪೂಜೆ, ಉತ್ಸವ, ಮೆರವಣಿಗೆಗಳನ್ನು ಸರಿಯಾಗಿ ಮಾಡಲು ಬರುವುದಿಲ್ಲ. ಸರ್ಕಾರಿ ಕಚೇರಿಗಳನ್ನು ಭ್ರಷ್ಟಾಚಾರ ಮುಕ್ತ ಮಾಡಲು ಸಾಧ್ಯವಾಗುವುದಿಲ್ಲ, ಸಮಾಜವನ್ನು ಜಾತಿ, ಧರ್ಮ ರಹಿತವಾಗಿ, ಕೇವಲ ಮಾನವ ಧರ್ಮವಾಗಿ ಮಾಡಲು ಸಾಧ್ಯವಾಗುವುದಿಲ್ಲ, ಮಹಿಳೆಯರನ್ನು ಸುರಕ್ಷಿತವಾಗಿ ಕಾಪಾಡಿಕೊಳ್ಳಲು ಸಾಧ್ಯವಾಗುವುದಿಲ್ಲ, ಕೊಲೆ, ಅತ್ಯಾಚಾರ, ದರೋಡೆ, ಕಳ್ಳತನವನ್ನು ತಡೆಯಲು ಸಾಧ್ಯವಾಗುತ್ತಿಲ್ಲ, ಶುದ್ಧ ಗಾಳಿ, ನೀರು, ಆಹಾರವನ್ನು
ಉಳಿಸಿಕೊಳ್ಳಲು ಸಾಧ್ಯವಾಗುತ್ತಿಲ್ಲ, ಯಾವುದೇ ವ್ಯಾಪಾರ ವ್ಯವಹಾರಗಳನ್ನು ಪ್ರಾಮಾಣಿಕವಾಗಿ ಮಾಡಲು ಸಾಧ್ಯವಾಗುತ್ತಿಲ್ಲ.... ಆದರೆ ಬಹುತೇಕ ಎಲ್ಲರೂ ಮಹಾನ್ ದೈವಭಕ್ತರು, ಧರ್ಮದ ಆರಾಧಕರು. ಒಂದು ನಾಗರಿಕ ಸಮಾಜ ನೆಮ್ಮದಿಯಿಂದ, ಸುರಕ್ಷತೆಯಿಂದ, ಸ್ವಾತಂತ್ರ್ಯದಿಂದ, ಸಮಾನತೆಯಿಂದ, ಮಾನವೀಯತೆಯಿಂದ ಇರಲು ಸಾಧ್ಯವಾಗದಿದ್ದರೆ ಅದು ಹುಚ್ಚರ ಸಂತೆಯಂತೆ, ಕಳ್ಳರ ಸಂತೆಯಂತೆ, ಕಪಟಿಗಳ ಮುಖವಾಡದಂತೆ. ಹೀಗೆ ನಡೆಯುತ್ತಲೇ ಇರುತ್ತದೆ..... ದೇವರು ಮತ್ತು ಧರ್ಮದ ಪರಿಕಲ್ಪನೆ ಸೃಷ್ಟಿಯಾಗಿರುವುದು ಈ ಸಮಾಜ ಕ್ರಮಬದ್ಧವಾಗಿ ಶಾಂತಿಯುತವಾಗಿ ಮುಂದುವರಿಯಲು. ಅದು ವಿಫಲವಾದ ಅಥವಾ ಸಂವಿಧಾನ ಸೃಷ್ಟಿಯಾದ ಮೇಲೆ ಯಶಸ್ವಿಯಾಗದ ಕಾರಣದಿಂದಲೇ ಸಂವಿಧಾನ ಅಸ್ತಿತ್ವಕ್ಕೆ ಬಂದಿದೆ. ಕಾನೂನು ಕಟ್ಟಳೆಗಳು ಜಾರಿಯಾಗಿವೆ.... ಈಗ ಅದನ್ನಾದರೂ ಸರಿಯಾಗಿ ಗೌರವದಿಂದ ಪಾಲಿಸುವ ಮೂಲಕ ನಾವೆಲ್ಲರೂ ಒಂದಷ್ಟು ನೆಮ್ಮದಿಯಿಂದ ಬದುಕೋಣ. ಇಲ್ಲದಿದ್ದರೆ ನಾಗಮಂಗಲದ ಗಲಭೆಗಳು ಮತ್ತೆ ಮತ್ತೆ ಪುನರಾವರ್ತನೆಯಾಗಿ, ಇದನ್ನು ನಾಗರಿಕ ಸಮಾಜ ಎನ್ನಲು ಸಾಧ್ಯವಾಗುವುದಿಲ್ಲ. ಇದೊಂದು ಮಾನಸಿಕ ರೋಗಿಗಳ ಅಸ್ವಸ್ಥ ಸಮಾಜ ಎನ್ನುವುದೇ ಹೆಚ್ಚು ಸೂಕ್ತವಾಗುತ್ತದೆ.... ದಯವಿಟ್ಟು ಎಲ್ಲಾ ಸಾರ್ವಜನಿಕರು ದೇವರು ಧರ್ಮಗಳ ಬಗ್ಗೆ, ಆಚರಣೆ ಉತ್ಸವಗಳ ಬಗ್ಗೆ ಮತ್ತೊಮ್ಮೆ ಯೋಚಿಸಿ. ಮನುಷ್ಯ ಮನುಷ್ಯನನ್ನು ಪ್ರೀತಿಸದೆ ಇದ್ದಲ್ಲಿ ಯಾವ ದೇವರೂ ಸಹ ನಿಮ್ಮನ್ನು ಕಾಪಾಡುವುದಿಲ್ಲ... ಈ ರೀತಿಯ ಸಮಸ್ಯೆಗಳಿಗೆ ಸ್ವಯಂ ನಿಯಂತ್ರಣವೇ ಪರಿಹಾರ. ಆಲೋಚನೆ ನಮ್ಮದು ನಿರ್ಧಾರ ನಿಮ್ಮದು.
ವಿವೇಕಾನಂದ. ಎಚ್. ಕೆ. 9844013068.
